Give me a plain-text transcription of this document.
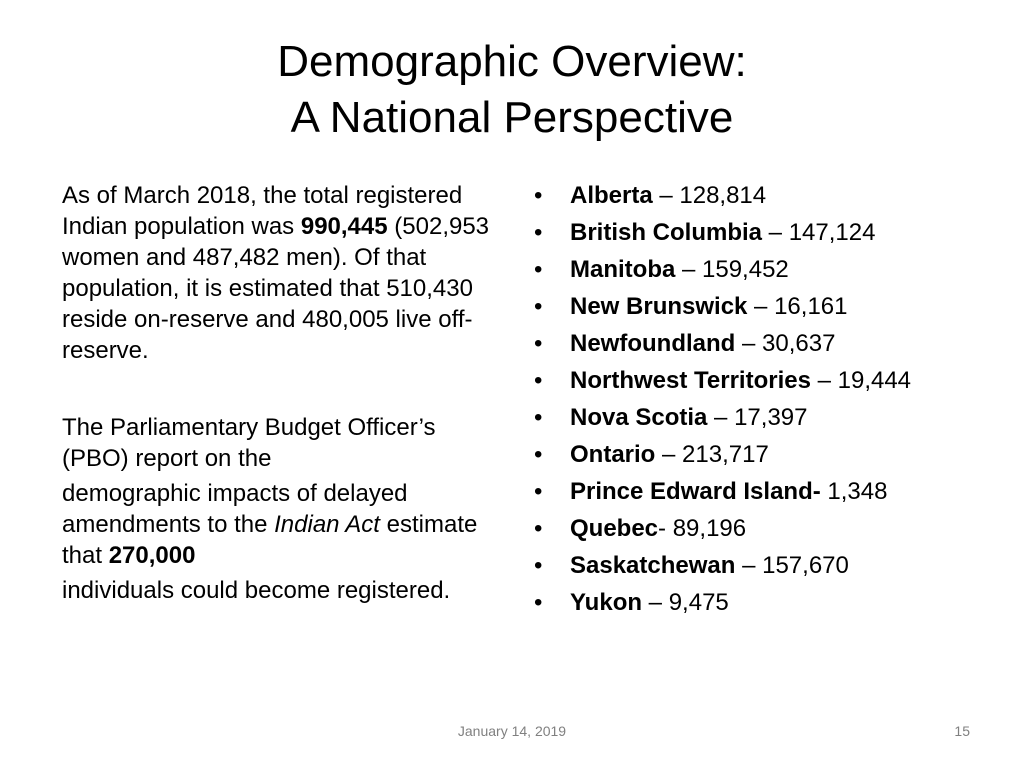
Demographic Overview:
A National Perspective

As of March 2018, the total registered Indian population was 990,445 (502,953 women and 487,482 men). Of that population, it is estimated that 510,430 reside on-reserve and 480,005 live off-reserve.

The Parliamentary Budget Officer’s (PBO) report on the

demographic impacts of delayed amendments to the Indian Act estimate that 270,000

individuals could become registered.

• Alberta – 128,814
• British Columbia – 147,124
• Manitoba – 159,452
• New Brunswick – 16,161
• Newfoundland – 30,637
• Northwest Territories – 19,444
• Nova Scotia – 17,397
• Ontario – 213,717
• Prince Edward Island- 1,348
• Quebec- 89,196
• Saskatchewan – 157,670
• Yukon – 9,475
January 14, 2019	15
